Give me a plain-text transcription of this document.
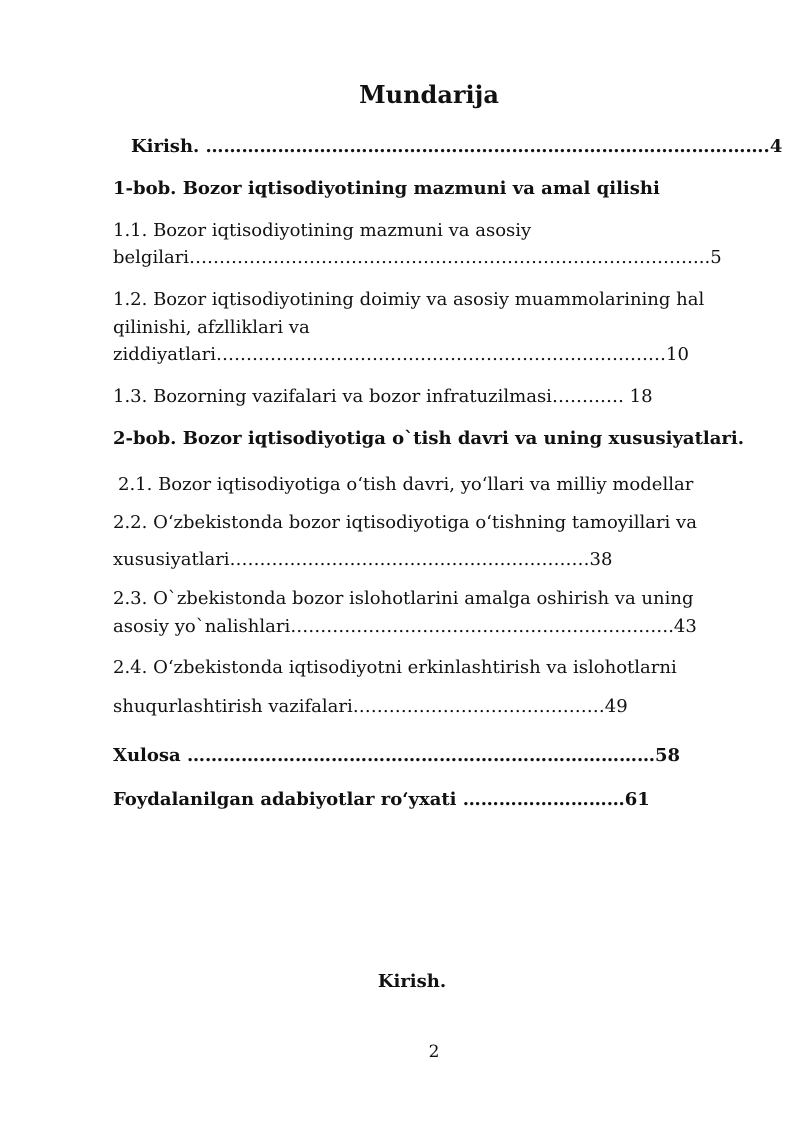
Mundarija
Kirish. ………………………………………………………………………………….4
1-bob. Bozor iqtisodiyotining mazmuni va amal qilishi
1.1. Bozor iqtisodiyotining mazmuni va asosiy
belgilari…………………………………………………………………………...5
1.2. Bozor iqtisodiyotining doimiy va asosiy muammolarining hal
qilinishi, afzlliklari va
ziddiyatlari…………………………………………………………………10
1.3. Bozorning vazifalari va bozor infratuzilmasi………… 18
2-bob. Bozor iqtisodiyotiga o`tish davri va uning xususiyatlari.
2.1. Bozor iqtisodiyotiga oʻtish davri, yoʻllari va milliy modellar
2.2. Oʻzbekistonda bozor iqtisodiyotiga oʻtishning tamoyillari va
xususiyatlari……………………………………………………38
2.3. O`zbekistonda bozor islohotlarini amalga oshirish va uning
asosiy yo`nalishlari……………………………………………………….43
2.4. Oʻzbekistonda iqtisodiyotni erkinlashtirish va islohotlarni
shuqurlashtirish vazifalari……………………………………49
Xulosa ……………………………………………………………………58
Foydalanilgan adabiyotlar roʻyxati ………………………61
Kirish.
2
